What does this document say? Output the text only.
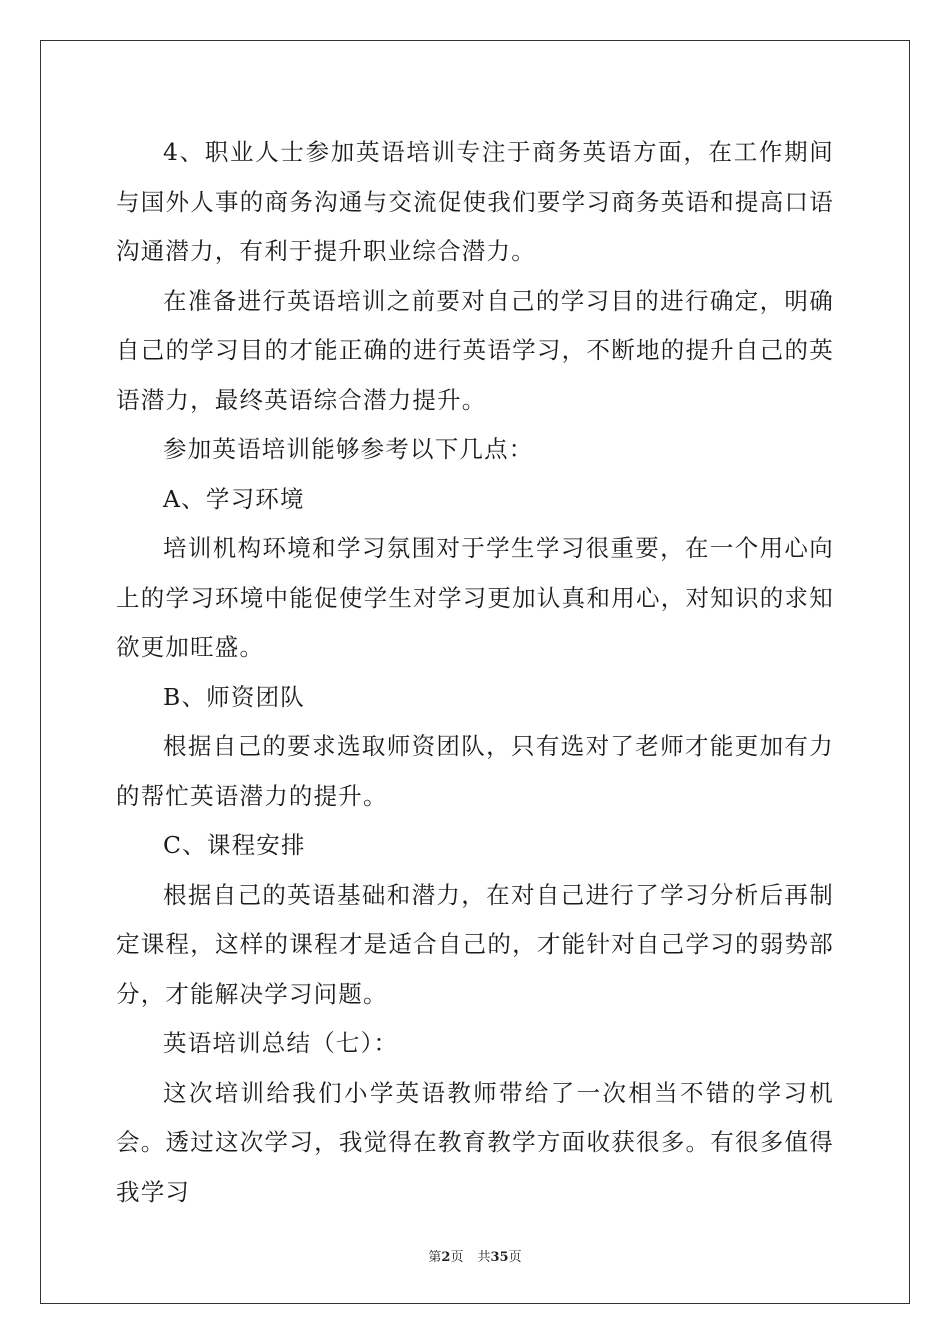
4、职业人士参加英语培训专注于商务英语方面，在工作期间与国外人事的商务沟通与交流促使我们要学习商务英语和提高口语沟通潜力，有利于提升职业综合潜力。

在准备进行英语培训之前要对自己的学习目的进行确定，明确自己的学习目的才能正确的进行英语学习，不断地的提升自己的英语潜力，最终英语综合潜力提升。

参加英语培训能够参考以下几点：

A、学习环境

培训机构环境和学习氛围对于学生学习很重要，在一个用心向上的学习环境中能促使学生对学习更加认真和用心，对知识的求知欲更加旺盛。

B、师资团队

根据自己的要求选取师资团队，只有选对了老师才能更加有力的帮忙英语潜力的提升。

C、课程安排

根据自己的英语基础和潜力，在对自己进行了学习分析后再制定课程，这样的课程才是适合自己的，才能针对自己学习的弱势部分，才能解决学习问题。

英语培训总结（七）：

这次培训给我们小学英语教师带给了一次相当不错的学习机会。透过这次学习，我觉得在教育教学方面收获很多。有很多值得我学习

第2页 共35页
